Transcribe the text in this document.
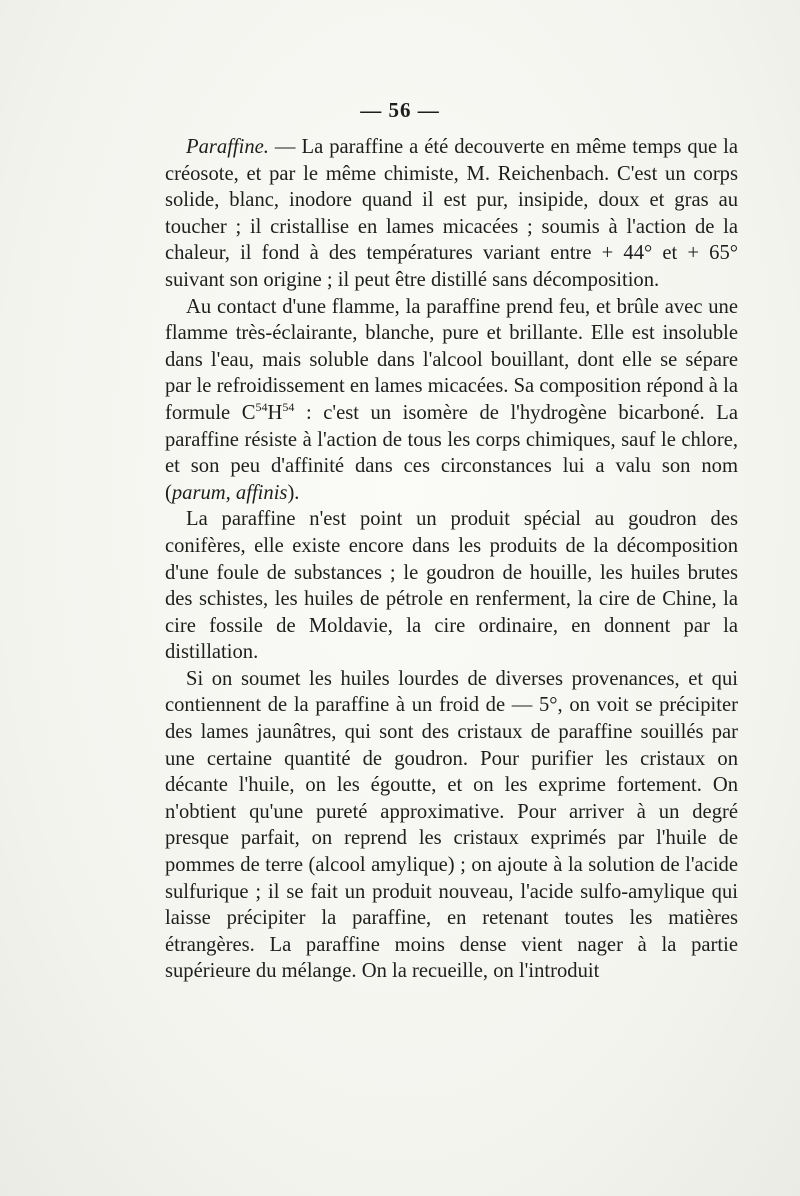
— 56 —

Paraffine. — La paraffine a été decouverte en même temps que la créosote, et par le même chimiste, M. Reichenbach. C'est un corps solide, blanc, inodore quand il est pur, insipide, doux et gras au toucher ; il cristallise en lames micacées ; soumis à l'action de la chaleur, il fond à des températures variant entre + 44° et + 65° suivant son origine ; il peut être distillé sans décomposition.

Au contact d'une flamme, la paraffine prend feu, et brûle avec une flamme très-éclairante, blanche, pure et brillante. Elle est insoluble dans l'eau, mais soluble dans l'alcool bouillant, dont elle se sépare par le refroidissement en lames micacées. Sa composition répond à la formule $C^{54}H^{54}$ : c'est un isomère de l'hydrogène bicarboné. La paraffine résiste à l'action de tous les corps chimiques, sauf le chlore, et son peu d'affinité dans ces circonstances lui a valu son nom (parum, affinis).

La paraffine n'est point un produit spécial au goudron des conifères, elle existe encore dans les produits de la décomposition d'une foule de substances ; le goudron de houille, les huiles brutes des schistes, les huiles de pétrole en renferment, la cire de Chine, la cire fossile de Moldavie, la cire ordinaire, en donnent par la distillation.

Si on soumet les huiles lourdes de diverses provenances, et qui contiennent de la paraffine à un froid de — 5°, on voit se précipiter des lames jaunâtres, qui sont des cristaux de paraffine souillés par une certaine quantité de goudron. Pour purifier les cristaux on décante l'huile, on les égoutte, et on les exprime fortement. On n'obtient qu'une pureté approximative. Pour arriver à un degré presque parfait, on reprend les cristaux exprimés par l'huile de pommes de terre (alcool amylique) ; on ajoute à la solution de l'acide sulfurique ; il se fait un produit nouveau, l'acide sulfo-amylique qui laisse précipiter la paraffine, en retenant toutes les matières étrangères. La paraffine moins dense vient nager à la partie supérieure du mélange. On la recueille, on l'introduit
